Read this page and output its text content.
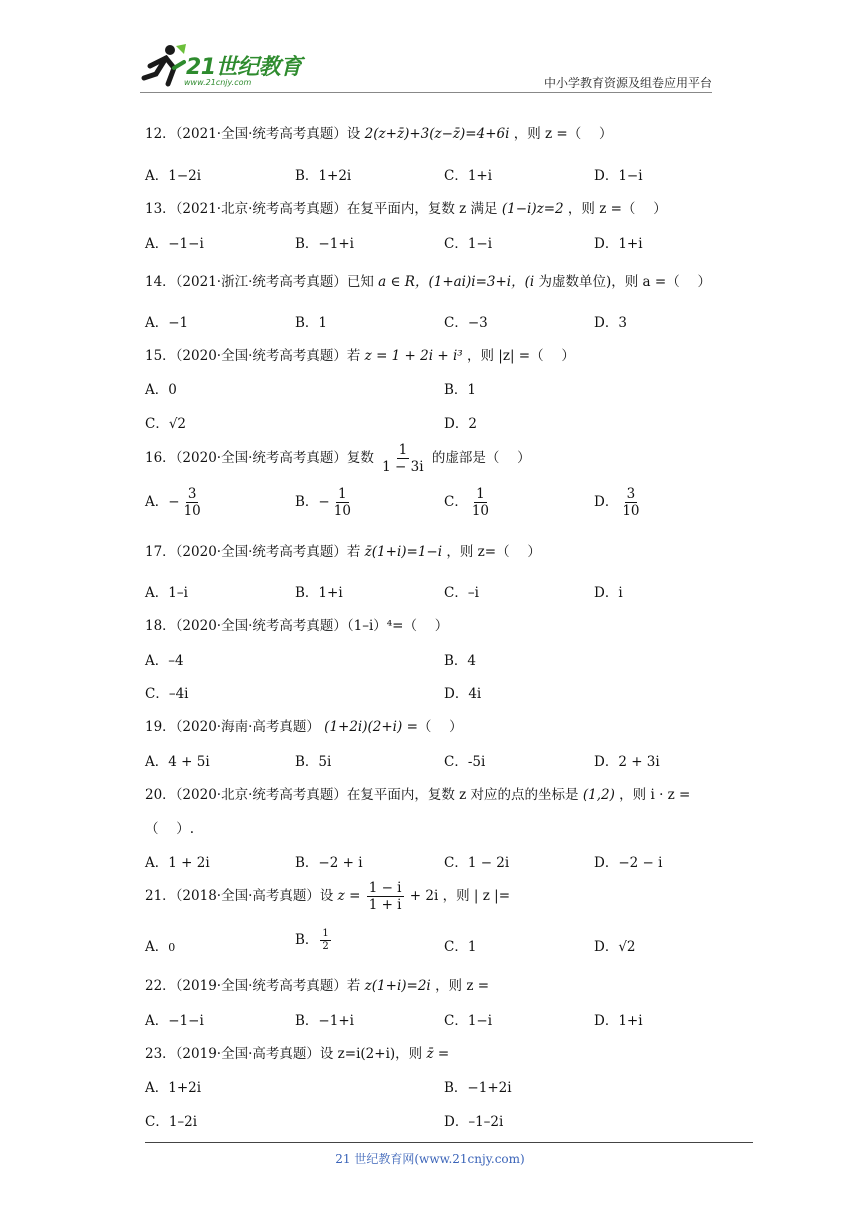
21世纪教育
www.21cnjy.com	中小学教育资源及组卷应用平台
12．（2021·全国·统考高考真题）设 2(z+z̄)+3(z−z̄)=4+6i ，则 z =（　 ）
A．1−2i	B．1+2i	C．1+i	D．1−i
13．（2021·北京·统考高考真题）在复平面内，复数 z 满足 (1−i)z=2 ，则 z =（　 ）
A．−1−i	B．−1+i	C．1−i	D．1+i
14．（2021·浙江·统考高考真题）已知 a ∈ R，(1+ai)i=3+i，(i 为虚数单位)，则 a =（　 ）
A．−1	B．1	C．−3	D．3
15．（2020·全国·统考高考真题）若 z = 1 + 2i + i³ ，则 |z| =（　 ）
A．0	B．1
C．√2	D．2
16．（2020·全国·统考高考真题）复数 $\frac{1}{1 - 3i}$ 的虚部是（　 ）
A．− $\frac{3}{10}$	B．− $\frac{1}{10}$	C． $\frac{1}{10}$	D． $\frac{3}{10}$
17．（2020·全国·统考高考真题）若 z̄(1+i)=1−i ，则 z=（　 ）
A．1–i	B．1+i	C．–i	D．i
18．（2020·全国·统考高考真题）（1–i）⁴=（　 ）
A．–4	B．4
C．–4i	D．4i
19．（2020·海南·高考真题） (1+2i)(2+i) =（　 ）
A．4 + 5i	B．5i	C．-5i	D．2 + 3i
20．（2020·北京·统考高考真题）在复平面内，复数 z 对应的点的坐标是 (1,2) ，则 i · z =
（　 ）.
A．1 + 2i	B．−2 + i	C．1 − 2i	D．−2 − i
21．（2018·全国·高考真题）设 $z = \frac{1 - i}{1 + i} + 2i$ ，则 | z |=
A．0	B． $\frac{1}{2}$	C．1	D．√2
22．（2019·全国·统考高考真题）若 z(1+i)=2i ，则 z =
A．−1−i	B．−1+i	C．1−i	D．1+i
23．（2019·全国·高考真题）设 z=i(2+i)，则 z̄ =
A．1+2i	B．−1+2i
C．1–2i	D．–1–2i
21 世纪教育网(www.21cnjy.com)
